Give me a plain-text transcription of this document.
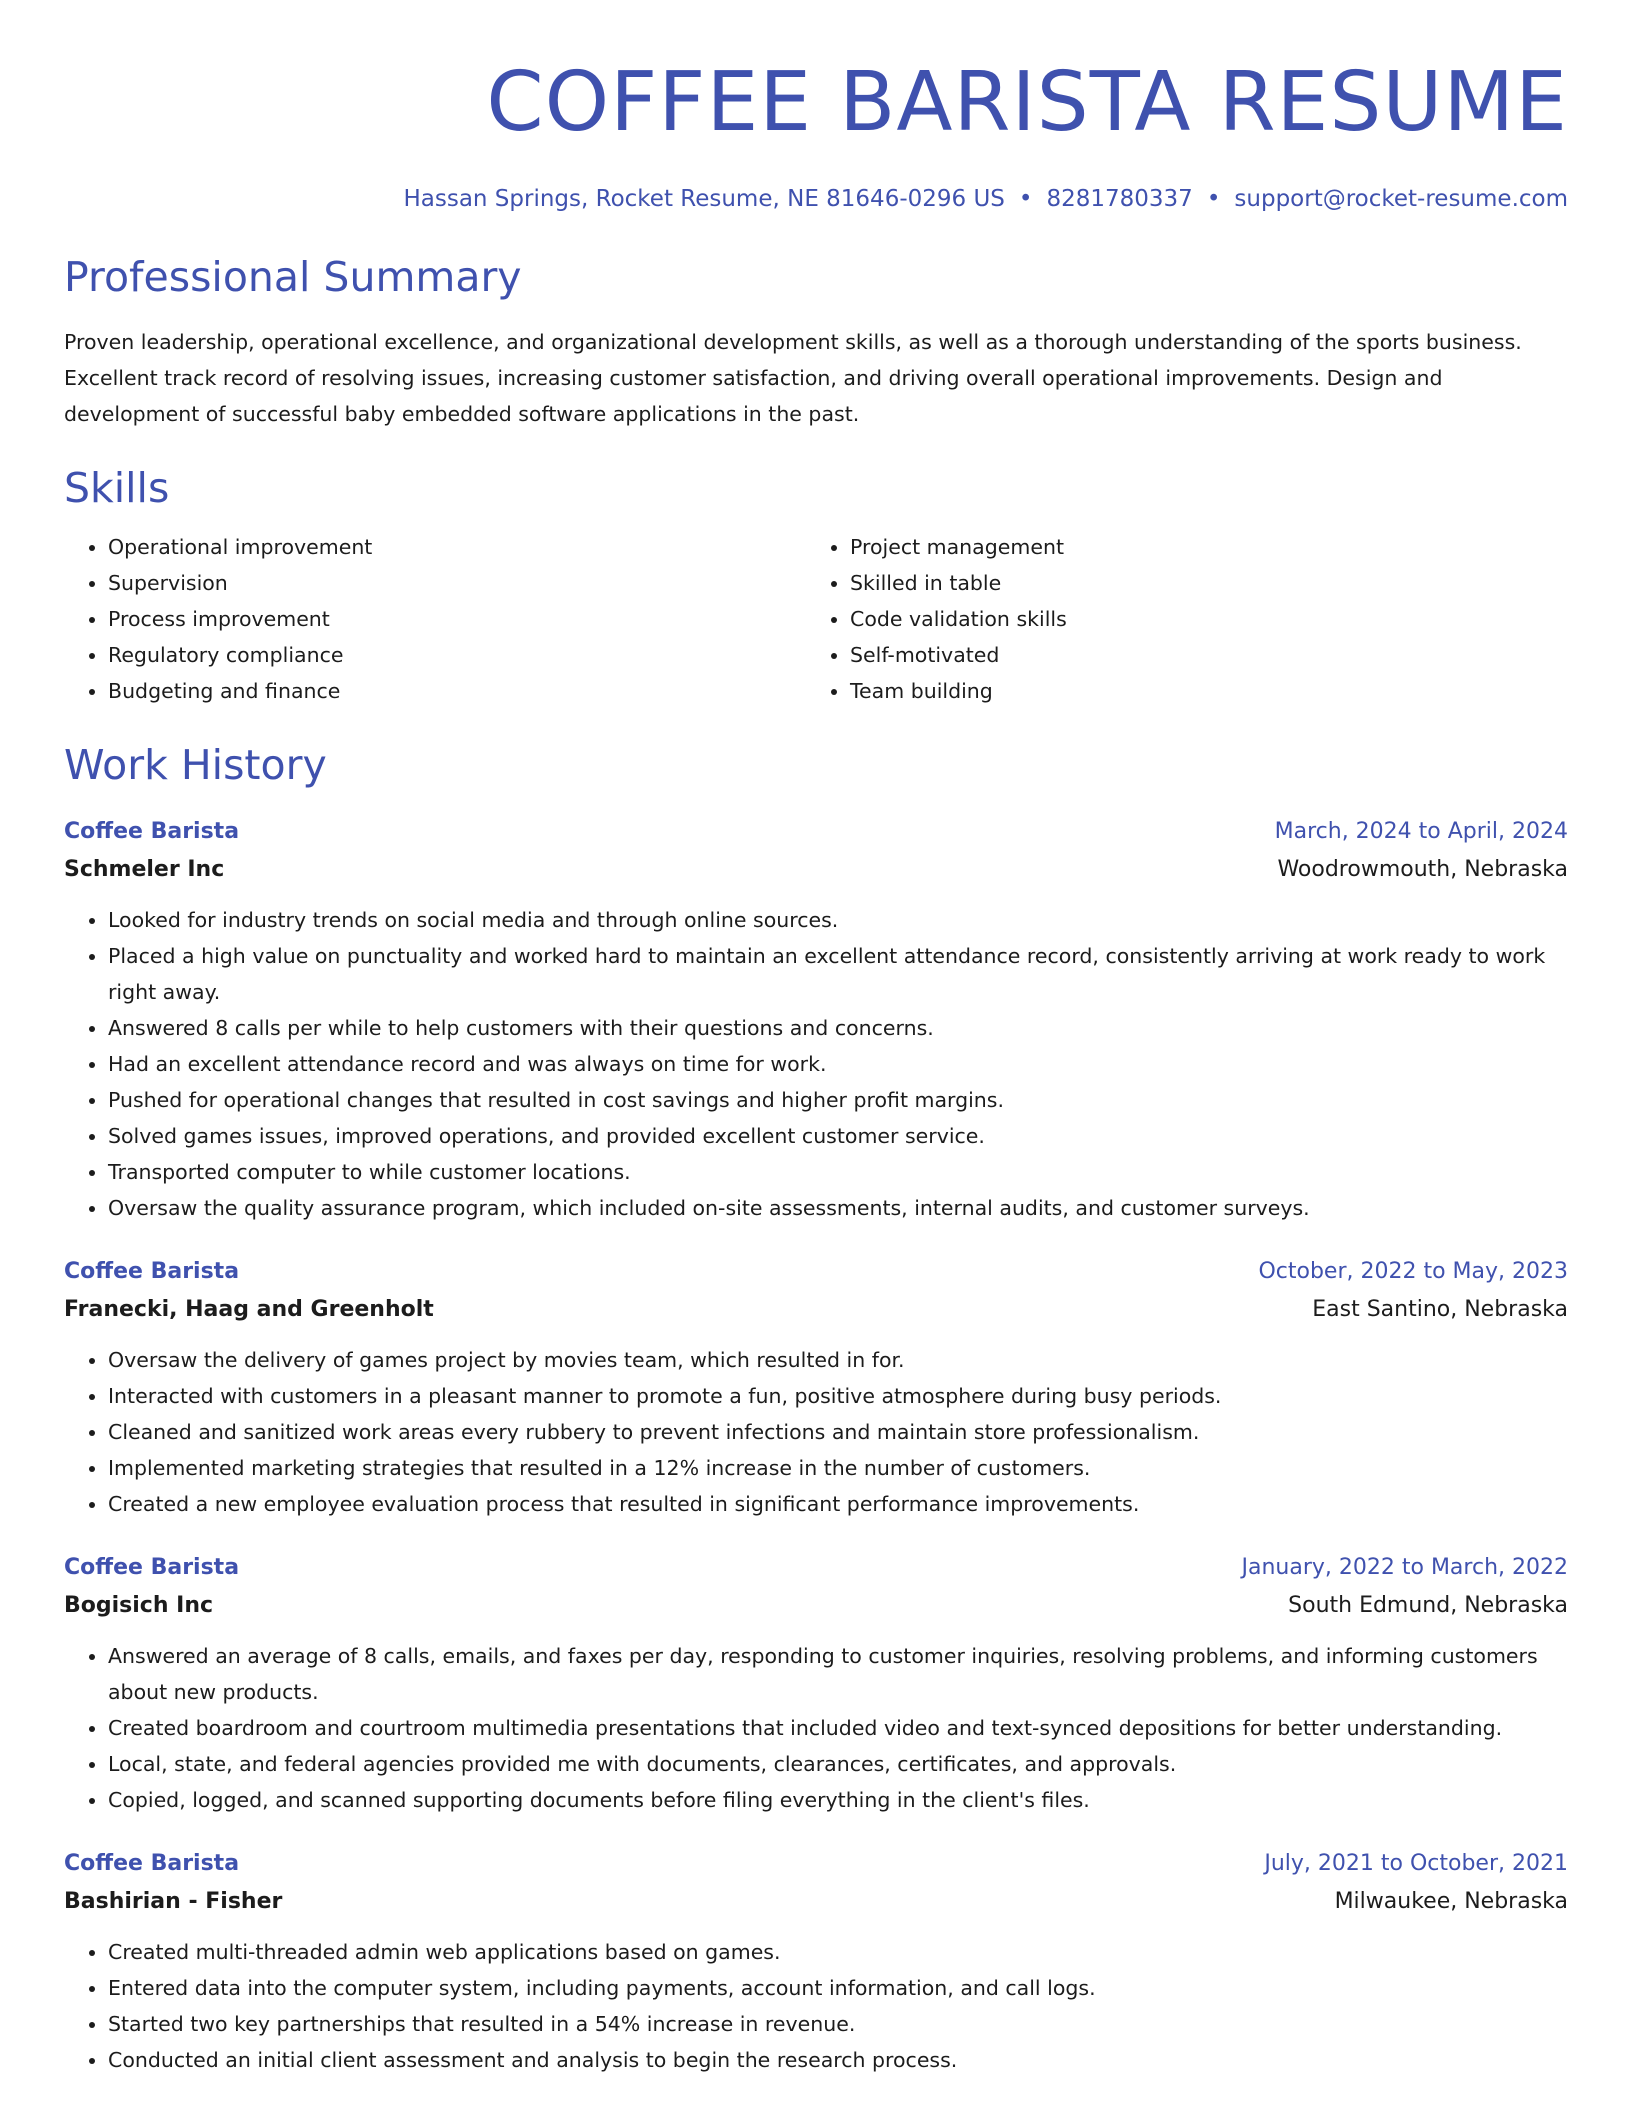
COFFEE BARISTA RESUME
Hassan Springs, Rocket Resume, NE 81646-0296 US • 8281780337 • support@rocket-resume.com
Professional Summary
Proven leadership, operational excellence, and organizational development skills, as well as a thorough understanding of the sports business. Excellent track record of resolving issues, increasing customer satisfaction, and driving overall operational improvements. Design and development of successful baby embedded software applications in the past.
Skills
• Operational improvement
• Supervision
• Process improvement
• Regulatory compliance
• Budgeting and finance
• Project management
• Skilled in table
• Code validation skills
• Self-motivated
• Team building
Work History
Coffee Barista	March, 2024 to April, 2024
Schmeler Inc	Woodrowmouth, Nebraska
• Looked for industry trends on social media and through online sources.
• Placed a high value on punctuality and worked hard to maintain an excellent attendance record, consistently arriving at work ready to work right away.
• Answered 8 calls per while to help customers with their questions and concerns.
• Had an excellent attendance record and was always on time for work.
• Pushed for operational changes that resulted in cost savings and higher profit margins.
• Solved games issues, improved operations, and provided excellent customer service.
• Transported computer to while customer locations.
• Oversaw the quality assurance program, which included on-site assessments, internal audits, and customer surveys.
Coffee Barista	October, 2022 to May, 2023
Franecki, Haag and Greenholt	East Santino, Nebraska
• Oversaw the delivery of games project by movies team, which resulted in for.
• Interacted with customers in a pleasant manner to promote a fun, positive atmosphere during busy periods.
• Cleaned and sanitized work areas every rubbery to prevent infections and maintain store professionalism.
• Implemented marketing strategies that resulted in a 12% increase in the number of customers.
• Created a new employee evaluation process that resulted in significant performance improvements.
Coffee Barista	January, 2022 to March, 2022
Bogisich Inc	South Edmund, Nebraska
• Answered an average of 8 calls, emails, and faxes per day, responding to customer inquiries, resolving problems, and informing customers about new products.
• Created boardroom and courtroom multimedia presentations that included video and text-synced depositions for better understanding.
• Local, state, and federal agencies provided me with documents, clearances, certificates, and approvals.
• Copied, logged, and scanned supporting documents before filing everything in the client's files.
Coffee Barista	July, 2021 to October, 2021
Bashirian - Fisher	Milwaukee, Nebraska
• Created multi-threaded admin web applications based on games.
• Entered data into the computer system, including payments, account information, and call logs.
• Started two key partnerships that resulted in a 54% increase in revenue.
• Conducted an initial client assessment and analysis to begin the research process.
